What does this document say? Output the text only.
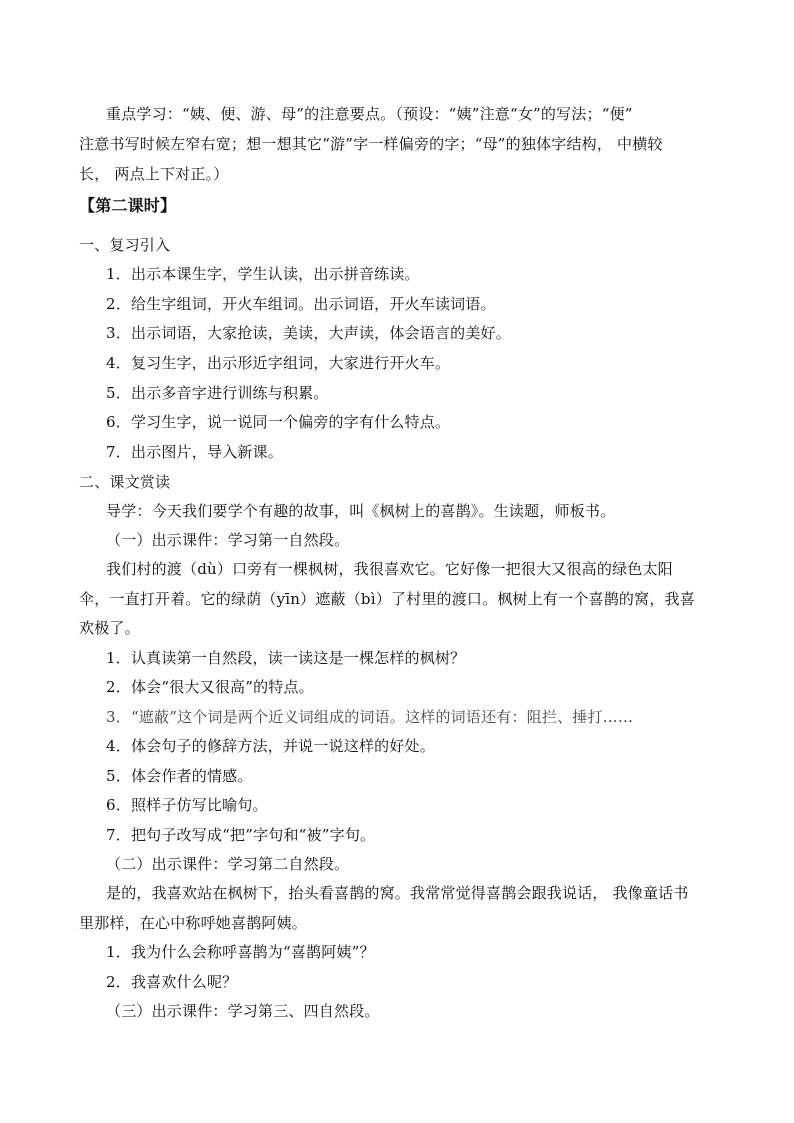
重点学习：“姨、便、游、母”的注意要点。（预设：“姨”注意“女”的写法；“便”
注意书写时候左窄右宽；想一想其它“游”字一样偏旁的字；“母”的独体字结构， 中横较
长， 两点上下对正。）
【第二课时】
一、复习引入
1．出示本课生字，学生认读，出示拼音练读。
2．给生字组词，开火车组词。出示词语，开火车读词语。
3．出示词语，大家抢读，美读，大声读，体会语言的美好。
4．复习生字，出示形近字组词，大家进行开火车。
5．出示多音字进行训练与积累。
6．学习生字，说一说同一个偏旁的字有什么特点。
7．出示图片，导入新课。
二、课文赏读
导学：今天我们要学个有趣的故事，叫《枫树上的喜鹊》。生读题，师板书。
（一）出示课件：学习第一自然段。
我们村的渡（dù）口旁有一棵枫树，我很喜欢它。它好像一把很大又很高的绿色太阳
伞，一直打开着。它的绿荫（yīn）遮蔽（bì）了村里的渡口。枫树上有一个喜鹊的窝，我喜
欢极了。
1．认真读第一自然段，读一读这是一棵怎样的枫树？
2．体会“很大又很高”的特点。
3．“遮蔽”这个词是两个近义词组成的词语。这样的词语还有：阻拦、捶打……
4．体会句子的修辞方法，并说一说这样的好处。
5．体会作者的情感。
6．照样子仿写比喻句。
7．把句子改写成“把”字句和“被”字句。
（二）出示课件：学习第二自然段。
是的，我喜欢站在枫树下，抬头看喜鹊的窝。我常常觉得喜鹊会跟我说话， 我像童话书
里那样，在心中称呼她喜鹊阿姨。
1．我为什么会称呼喜鹊为“喜鹊阿姨”？
2．我喜欢什么呢？
（三）出示课件：学习第三、四自然段。
